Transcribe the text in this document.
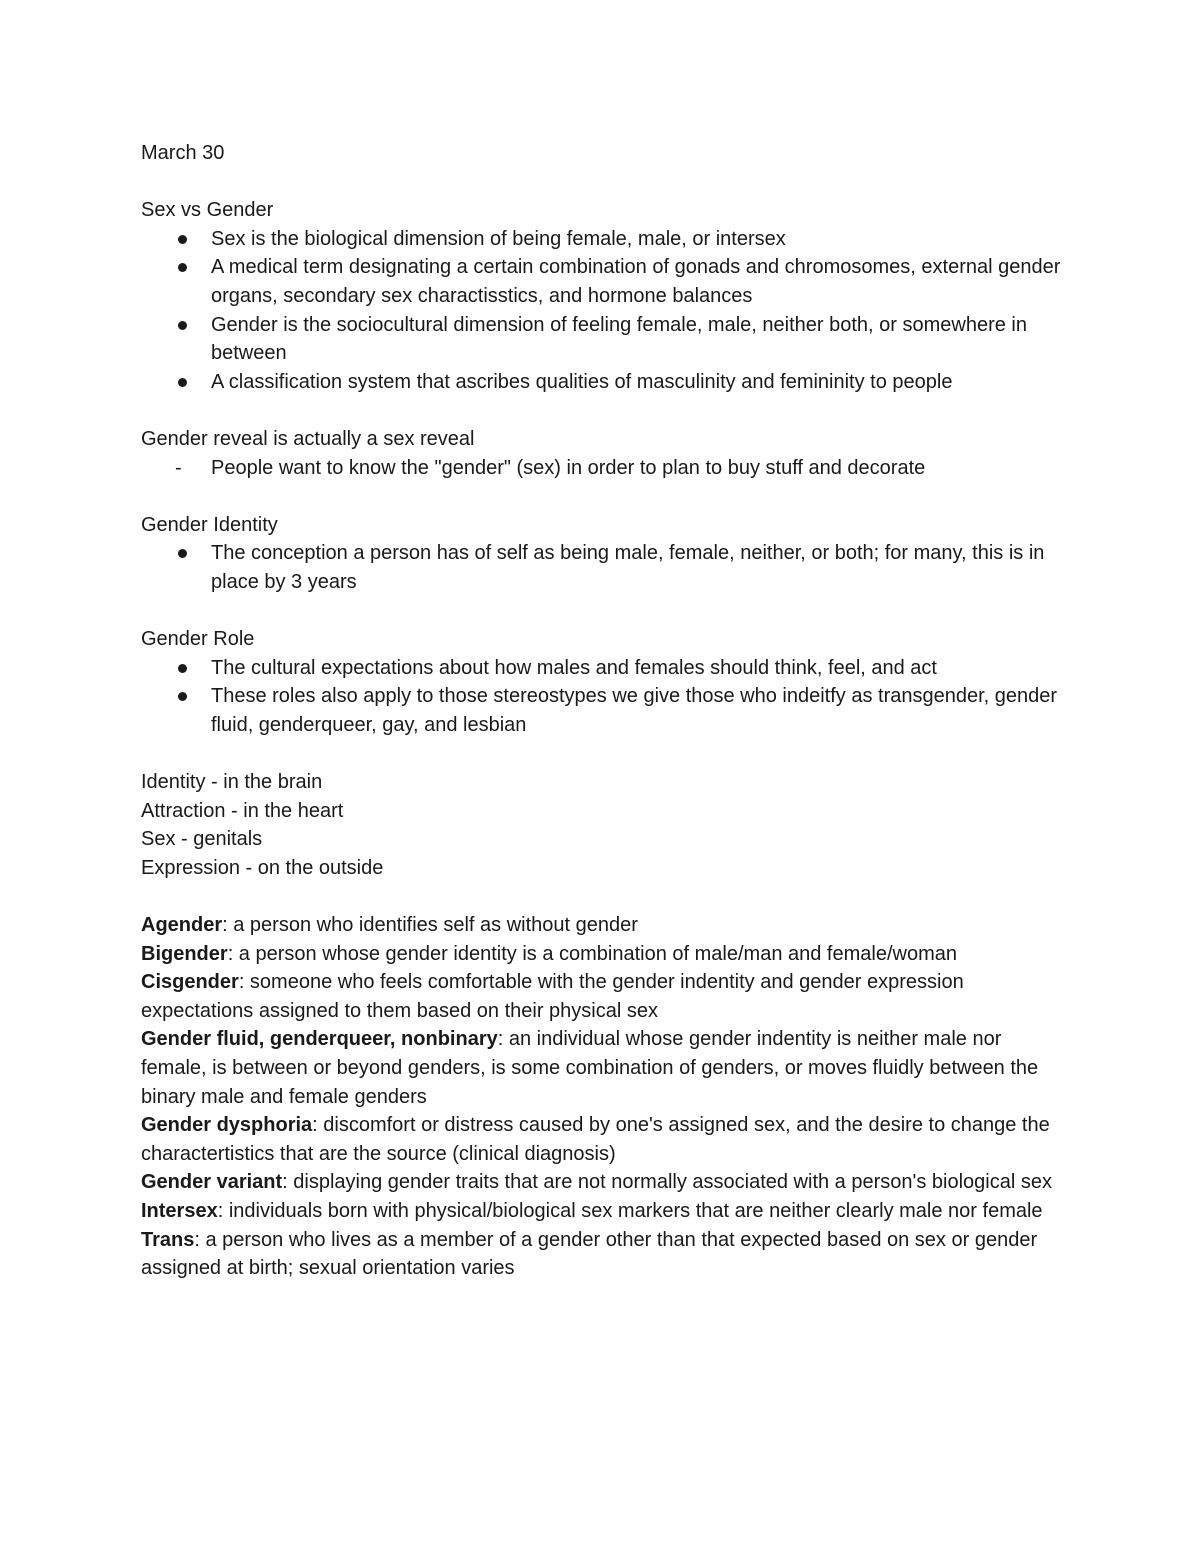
March 30

Sex vs Gender

Sex is the biological dimension of being female, male, or intersex
A medical term designating a certain combination of gonads and chromosomes, external gender organs, secondary sex charactisstics, and hormone balances
Gender is the sociocultural dimension of feeling female, male, neither both, or somewhere in between
A classification system that ascribes qualities of masculinity and femininity to people

Gender reveal is actually a sex reveal

- People want to know the "gender" (sex) in order to plan to buy stuff and decorate

Gender Identity

The conception a person has of self as being male, female, neither, or both; for many, this is in place by 3 years

Gender Role

The cultural expectations about how males and females should think, feel, and act
These roles also apply to those stereostypes we give those who indeitfy as transgender, gender fluid, genderqueer, gay, and lesbian

Identity - in the brain

Attraction - in the heart

Sex - genitals

Expression - on the outside

Agender: a person who identifies self as without gender

Bigender: a person whose gender identity is a combination of male/man and female/woman

Cisgender: someone who feels comfortable with the gender indentity and gender expression expectations assigned to them based on their physical sex

Gender fluid, genderqueer, nonbinary: an individual whose gender indentity is neither male nor female, is between or beyond genders, is some combination of genders, or moves fluidly between the binary male and female genders

Gender dysphoria: discomfort or distress caused by one's assigned sex, and the desire to change the charactertistics that are the source (clinical diagnosis)

Gender variant: displaying gender traits that are not normally associated with a person's biological sex

Intersex: individuals born with physical/biological sex markers that are neither clearly male nor female

Trans: a person who lives as a member of a gender other than that expected based on sex or gender assigned at birth; sexual orientation varies
